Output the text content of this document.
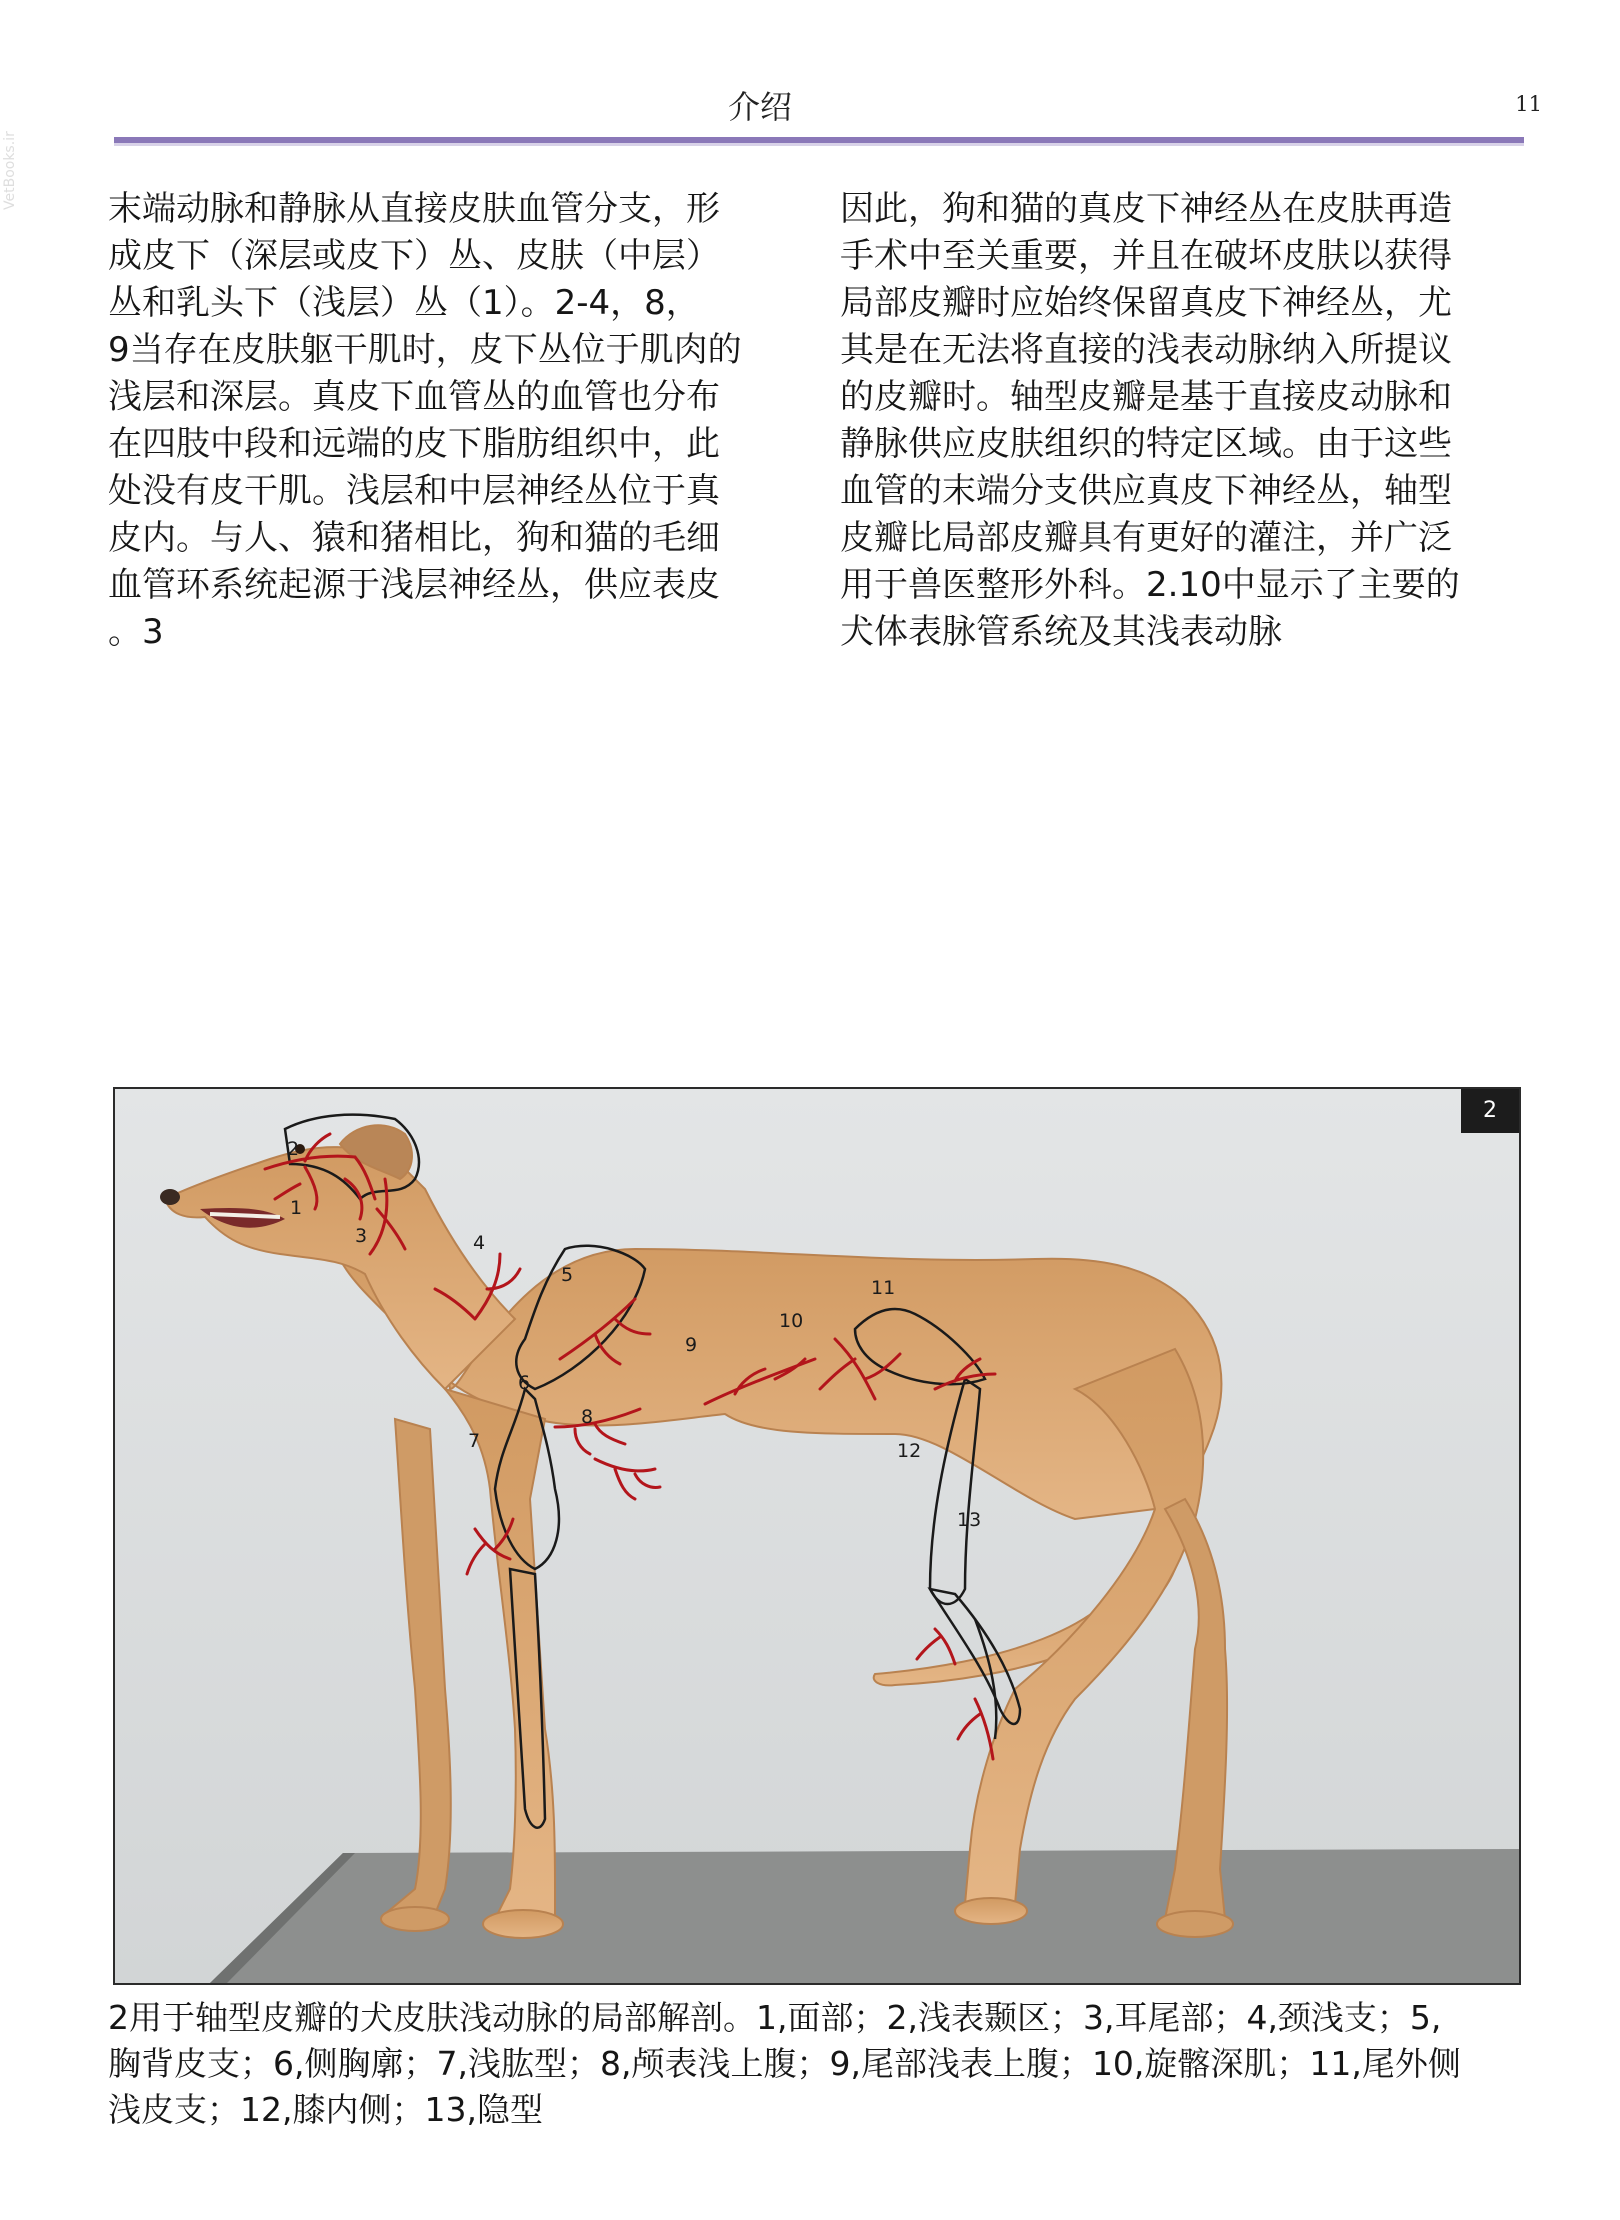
介绍	11
VetBooks.ir	末端动脉和静脉从直接皮肤血管分支，形
成皮下（深层或皮下）丛、皮肤（中层）
丛和乳头下（浅层）丛（1）。2-4，8，
9当存在皮肤躯干肌时，皮下丛位于肌肉的
浅层和深层。真皮下血管丛的血管也分布
在四肢中段和远端的皮下脂肪组织中，此
处没有皮干肌。浅层和中层神经丛位于真
皮内。与人、猿和猪相比，狗和猫的毛细
血管环系统起源于浅层神经丛，供应表皮
。3
因此，狗和猫的真皮下神经丛在皮肤再造
手术中至关重要，并且在破坏皮肤以获得
局部皮瓣时应始终保留真皮下神经丛，尤
其是在无法将直接的浅表动脉纳入所提议
的皮瓣时。轴型皮瓣是基于直接皮动脉和
静脉供应皮肤组织的特定区域。由于这些
血管的末端分支供应真皮下神经丛，轴型
皮瓣比局部皮瓣具有更好的灌注，并广泛
用于兽医整形外科。2.10中显示了主要的
犬体表脉管系统及其浅表动脉
1
2
3	4
5
6
7
8
9
10
11
12
13
2
2用于轴型皮瓣的犬皮肤浅动脉的局部解剖。1,面部；2,浅表颞区；3,耳尾部；4,颈浅支；5,
胸背皮支；6,侧胸廓；7,浅肱型；8,颅表浅上腹；9,尾部浅表上腹；10,旋髂深肌；11,尾外侧
浅皮支；12,膝内侧；13,隐型
